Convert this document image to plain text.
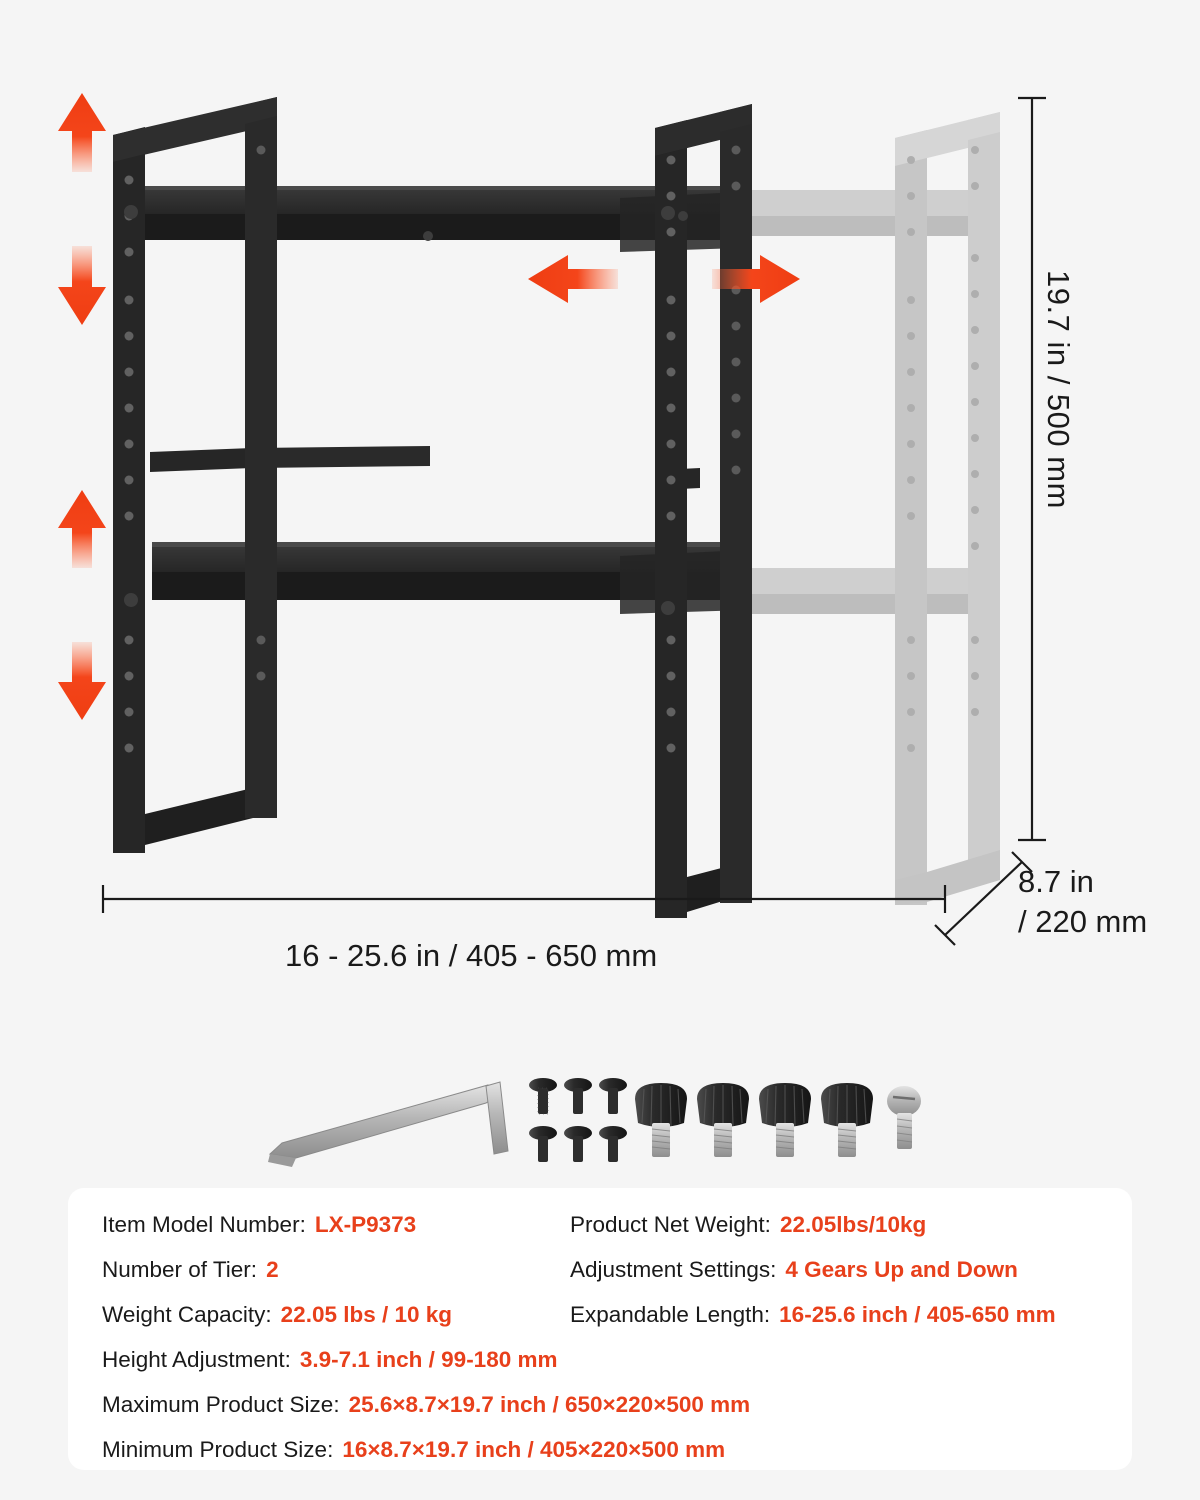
19.7 in / 500 mm
16 - 25.6 in / 405 - 650 mm
8.7 in
/ 220 mm
Item Model Number: LX-P9373	Product Net Weight: 22.05lbs/10kg
Number of Tier: 2	Adjustment Settings: 4 Gears Up and Down
Weight Capacity: 22.05 lbs / 10 kg	Expandable Length: 16-25.6 inch / 405-650 mm
Height Adjustment: 3.9-7.1 inch / 99-180 mm
Maximum Product Size: 25.6×8.7×19.7 inch / 650×220×500 mm
Minimum Product Size: 16×8.7×19.7 inch / 405×220×500 mm
